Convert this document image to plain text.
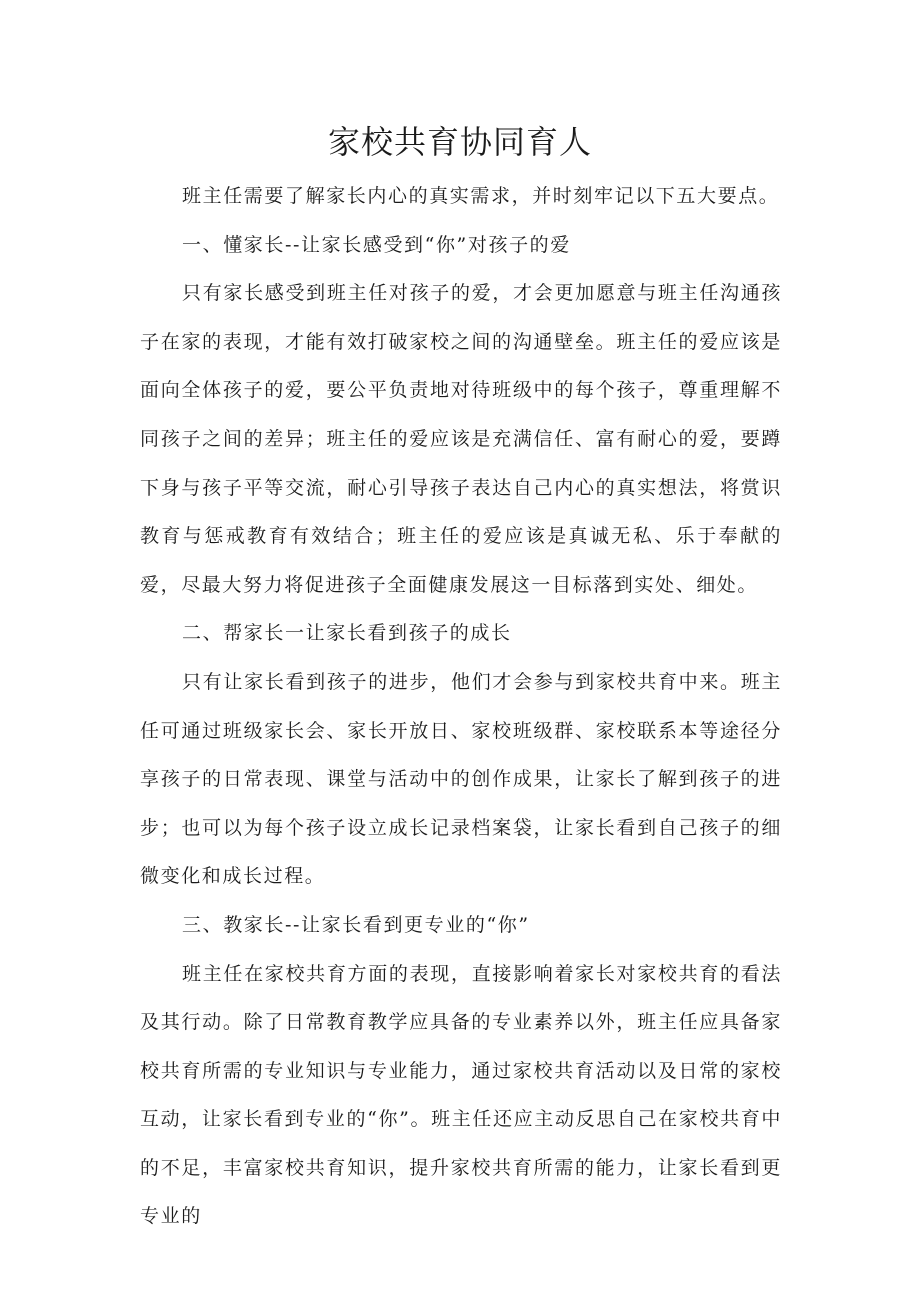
家校共育协同育人

班主任需要了解家长内心的真实需求，并时刻牢记以下五大要点。

一、懂家长--让家长感受到“你”对孩子的爱

只有家长感受到班主任对孩子的爱，才会更加愿意与班主任沟通孩子在家的表现，才能有效打破家校之间的沟通壁垒。班主任的爱应该是面向全体孩子的爱，要公平负责地对待班级中的每个孩子，尊重理解不同孩子之间的差异；班主任的爱应该是充满信任、富有耐心的爱，要蹲下身与孩子平等交流，耐心引导孩子表达自己内心的真实想法，将赏识教育与惩戒教育有效结合；班主任的爱应该是真诚无私、乐于奉献的爱，尽最大努力将促进孩子全面健康发展这一目标落到实处、细处。

二、帮家长一让家长看到孩子的成长

只有让家长看到孩子的进步，他们才会参与到家校共育中来。班主任可通过班级家长会、家长开放日、家校班级群、家校联系本等途径分享孩子的日常表现、课堂与活动中的创作成果，让家长了解到孩子的进步；也可以为每个孩子设立成长记录档案袋，让家长看到自己孩子的细微变化和成长过程。

三、教家长--让家长看到更专业的“你”

班主任在家校共育方面的表现，直接影响着家长对家校共育的看法及其行动。除了日常教育教学应具备的专业素养以外，班主任应具备家校共育所需的专业知识与专业能力，通过家校共育活动以及日常的家校互动，让家长看到专业的“你”。班主任还应主动反思自己在家校共育中的不足，丰富家校共育知识，提升家校共育所需的能力，让家长看到更专业的
